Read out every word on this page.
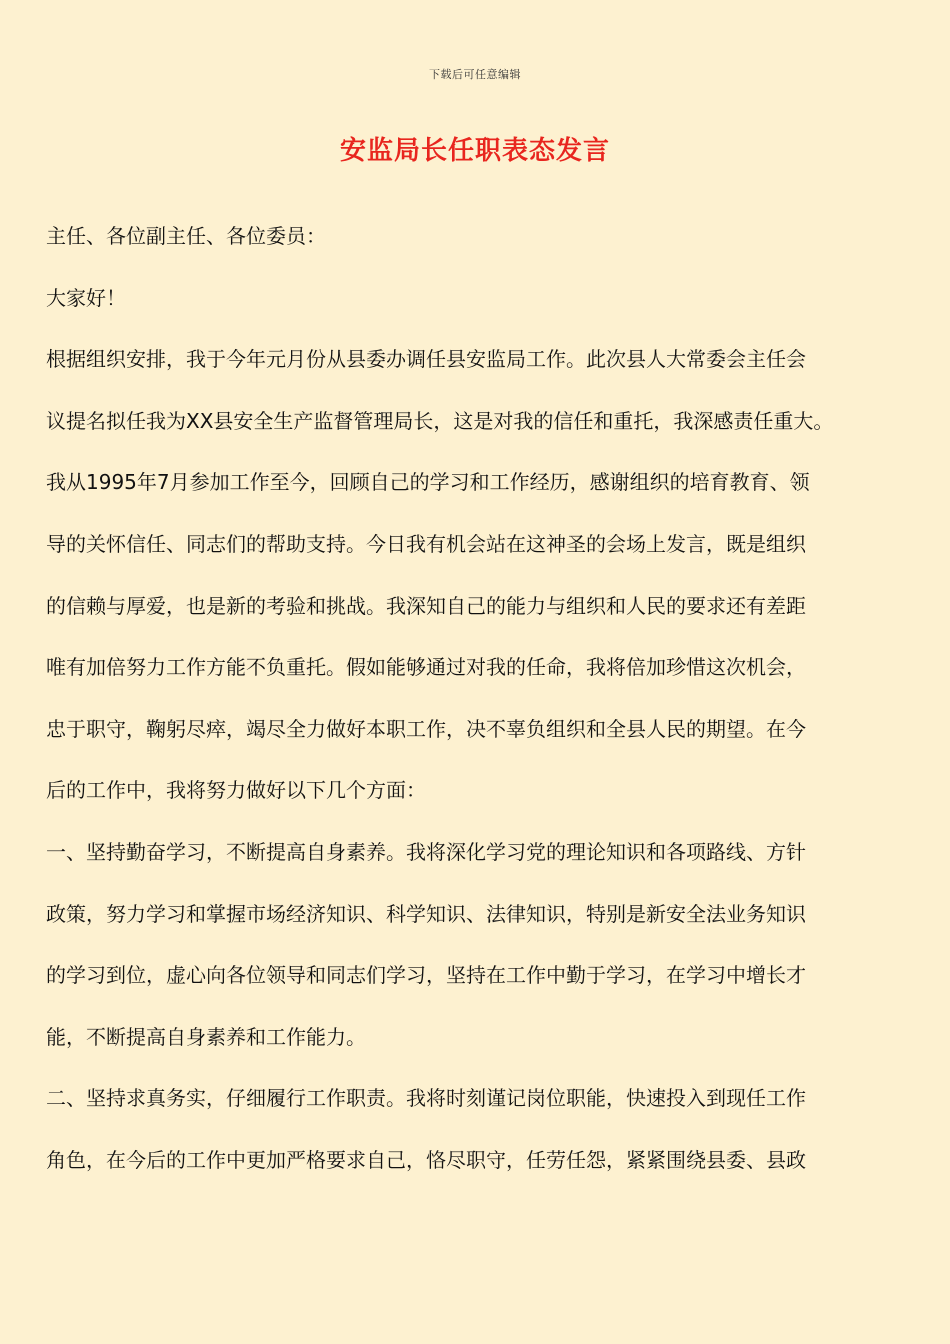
下载后可任意编辑
安监局长任职表态发言
主任、各位副主任、各位委员：
大家好！
根据组织安排，我于今年元月份从县委办调任县安监局工作。此次县人大常委会主任会
议提名拟任我为XX县安全生产监督管理局长，这是对我的信任和重托，我深感责任重大。
我从1995年7月参加工作至今，回顾自己的学习和工作经历，感谢组织的培育教育、领
导的关怀信任、同志们的帮助支持。今日我有机会站在这神圣的会场上发言，既是组织
的信赖与厚爱，也是新的考验和挑战。我深知自己的能力与组织和人民的要求还有差距
唯有加倍努力工作方能不负重托。假如能够通过对我的任命，我将倍加珍惜这次机会，
忠于职守，鞠躬尽瘁，竭尽全力做好本职工作，决不辜负组织和全县人民的期望。在今
后的工作中，我将努力做好以下几个方面：
一、坚持勤奋学习，不断提高自身素养。我将深化学习党的理论知识和各项路线、方针
政策，努力学习和掌握市场经济知识、科学知识、法律知识，特别是新安全法业务知识
的学习到位，虚心向各位领导和同志们学习，坚持在工作中勤于学习，在学习中增长才
能，不断提高自身素养和工作能力。
二、坚持求真务实，仔细履行工作职责。我将时刻谨记岗位职能，快速投入到现任工作
角色，在今后的工作中更加严格要求自己，恪尽职守，任劳任怨，紧紧围绕县委、县政
